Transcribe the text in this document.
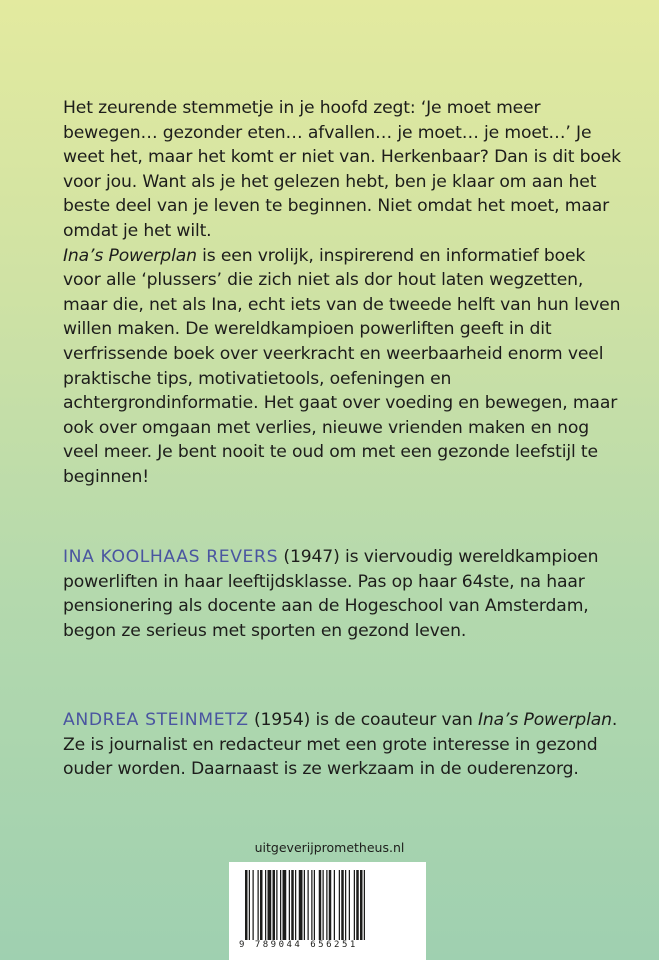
Het zeurende stemmetje in je hoofd zegt: ‘Je moet meer bewegen… gezonder eten… afvallen… je moet… je moet…’ Je weet het, maar het komt er niet van. Herkenbaar? Dan is dit boek voor jou. Want als je het gelezen hebt, ben je klaar om aan het beste deel van je leven te beginnen. Niet omdat het moet, maar omdat je het wilt.

Ina’s Powerplan is een vrolijk, inspirerend en informatief boek voor alle ‘plussers’ die zich niet als dor hout laten wegzetten, maar die, net als Ina, echt iets van de tweede helft van hun leven willen maken. De wereldkampioen powerliften geeft in dit verfrissende boek over veerkracht en weerbaarheid enorm veel praktische tips, motivatietools, oefeningen en achtergrondinformatie. Het gaat over voeding en bewegen, maar ook over omgaan met verlies, nieuwe vrienden maken en nog veel meer. Je bent nooit te oud om met een gezonde leefstijl te beginnen!

INA KOOLHAAS REVERS (1947) is viervoudig wereldkampioen powerliften in haar leeftijdsklasse. Pas op haar 64ste, na haar pensionering als docente aan de Hogeschool van Amsterdam, begon ze serieus met sporten en gezond leven.

ANDREA STEINMETZ (1954) is de coauteur van Ina’s Powerplan. Ze is journalist en redacteur met een grote interesse in gezond ouder worden. Daarnaast is ze werkzaam in de ouderenzorg.

uitgeverijprometheus.nl
9 789044 656251
